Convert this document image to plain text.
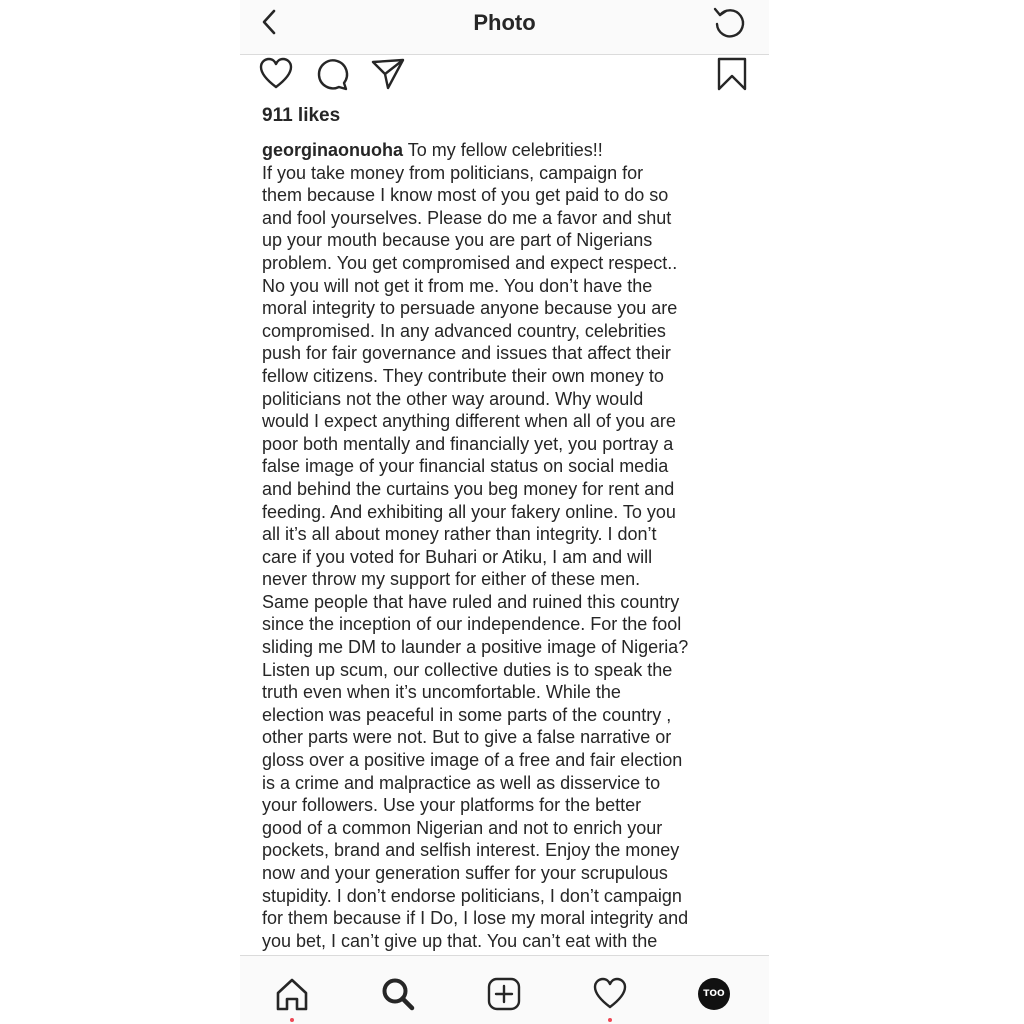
Photo
911 likes
georginaonuoha To my fellow celebrities!!
If you take money from politicians, campaign for
them because I know most of you get paid to do so
and fool yourselves. Please do me a favor and shut
up your mouth because you are part of Nigerians
problem. You get compromised and expect respect..
No you will not get it from me. You don’t have the
moral integrity to persuade anyone because you are
compromised. In any advanced country, celebrities
push for fair governance and issues that affect their
fellow citizens. They contribute their own money to
politicians not the other way around. Why would
would I expect anything different when all of you are
poor both mentally and financially yet, you portray a
false image of your financial status on social media
and behind the curtains you beg money for rent and
feeding. And exhibiting all your fakery online. To you
all it’s all about money rather than integrity. I don’t
care if you voted for Buhari or Atiku, I am and will
never throw my support for either of these men.
Same people that have ruled and ruined this country
since the inception of our independence. For the fool
sliding me DM to launder a positive image of Nigeria?
Listen up scum, our collective duties is to speak the
truth even when it’s uncomfortable. While the
election was peaceful in some parts of the country ,
other parts were not. But to give a false narrative or
gloss over a positive image of a free and fair election
is a crime and malpractice as well as disservice to
your followers. Use your platforms for the better
good of a common Nigerian and not to enrich your
pockets, brand and selfish interest. Enjoy the money
now and your generation suffer for your scrupulous
stupidity. I don’t endorse politicians, I don’t campaign
for them because if I Do, I lose my moral integrity and
you bet, I can’t give up that. You can’t eat with the
TOO
